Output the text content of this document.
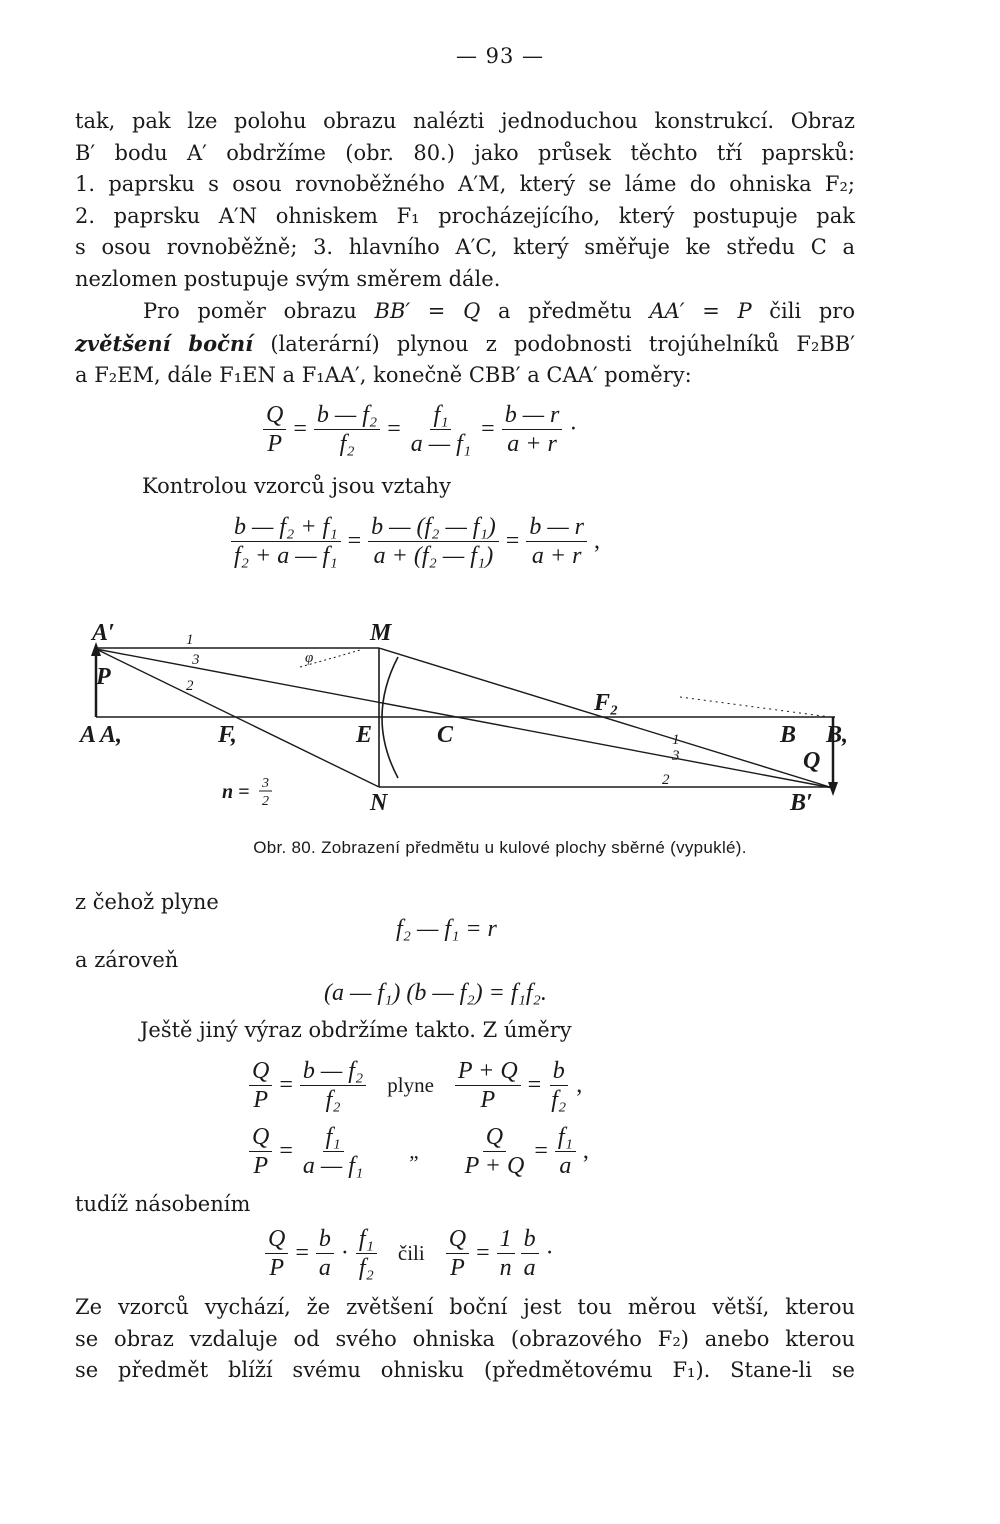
— 93 —
tak, pak lze polohu obrazu nalézti jednoduchou konstrukcí. Obraz
B′ bodu A′ obdržíme (obr. 80.) jako průsek těchto tří paprsků:
1. paprsku s osou rovnoběžného A′M, který se láme do ohniska F₂;
2. paprsku A′N ohniskem F₁ procházejícího, který postupuje pak
s osou rovnoběžně; 3. hlavního A′C, který směřuje ke středu C a
nezlomen postupuje svým směrem dále.
Pro poměr obrazu BB′ = Q a předmětu AA′ = P čili pro
zvětšení boční (laterární) plynou z podobnosti trojúhelníků F₂BB′
a F₂EM, dále F₁EN a F₁AA′, konečně CBB′ a CAA′ poměry:
$\frac{Q}{P} = \frac{\text{b — f₂}}{\text{f₂}} = \frac{\text{f₁}}{\text{a — f₁}} = \frac{b — r}{a + r}$ ·
Kontrolou vzorců jsou vztahy
$\frac{\text{b — f₂ + f₁}}{\text{f₂ + a — f₁}} = \frac{\text{b — (f₂ — f₁)}}{\text{a + (f₂ — f₁)}} = \frac{b — r}{a + r}$ ,
A′
P
A A,	F,	E	C
M
N
F₂
B B,
Q
B′
φ
1
3
2
1
3
2
n = 3
2
Obr. 80. Zobrazení předmětu u kulové plochy sběrné (vypuklé).
z čehož plyne
f₂ — f₁ = r
a zároveň
(a — f₁) (b — f₂) = f₁f₂.
Ještě jiný výraz obdržíme takto. Z úměry
$\frac{Q}{P} = \frac{\text{b — f₂}}{\text{f₂}}$ plyne $\frac{P + Q}{P} = \frac{b}{\text{f₂}}$ ,
$\frac{Q}{P} = \frac{\text{f₁}}{\text{a — f₁}}$ „ $\frac{Q}{P + Q} = \frac{\text{f₁}}{a}$ ,
tudíž násobením
$\frac{Q}{P} = \frac{b}{a} \cdot \frac{\text{f₁}}{\text{f₂}}$ čili $\frac{Q}{P} = \frac{1}{n} \frac{b}{a}$ ·
Ze vzorců vychází, že zvětšení boční jest tou měrou větší, kterou
se obraz vzdaluje od svého ohniska (obrazového F₂) anebo kterou
se předmět blíží svému ohnisku (předmětovému F₁). Stane-li se
